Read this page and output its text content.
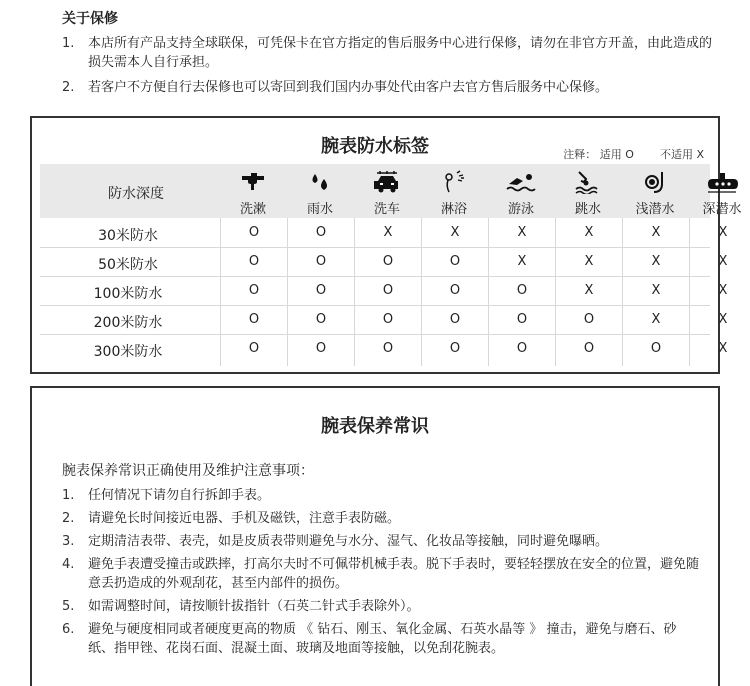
关于保修
1. 本店所有产品支持全球联保，可凭保卡在官方指定的售后服务中心进行保修，请勿在非官方开盖，由此造成的损失需本人自行承担。
2. 若客户不方便自行去保修也可以寄回到我们国内办事处代由客户去官方售后服务中心保修。
腕表防水标签	注释： 适用 O 不适用 X
防水深度
洗漱	雨水	洗车	淋浴	游泳	跳水	浅潜水	深潜水
30米防水	O	O	X	X	X	X	X	X
50米防水	O	O	O	O	X	X	X	X
100米防水	O	O	O	O	O	X	X	X
200米防水	O	O	O	O	O	O	X	X
300米防水	O	O	O	O	O	O	O	X
腕表保养常识
腕表保养常识正确使用及维护注意事项：
1. 任何情况下请勿自行拆卸手表。
2. 请避免长时间接近电器、手机及磁铁，注意手表防磁。
3. 定期清洁表带、表壳，如是皮质表带则避免与水分、湿气、化妆品等接触，同时避免曝晒。
4. 避免手表遭受撞击或跌摔，打高尔夫时不可佩带机械手表。脱下手表时，要轻轻摆放在安全的位置，避免随意丢扔造成的外观刮花，甚至内部件的损伤。
5. 如需调整时间，请按顺针拔指针（石英二针式手表除外）。
6. 避免与硬度相同或者硬度更高的物质 《 钻石、刚玉、氧化金属、石英水晶等 》 撞击，避免与磨石、砂纸、指甲锉、花岗石面、混凝土面、玻璃及地面等接触，以免刮花腕表。
